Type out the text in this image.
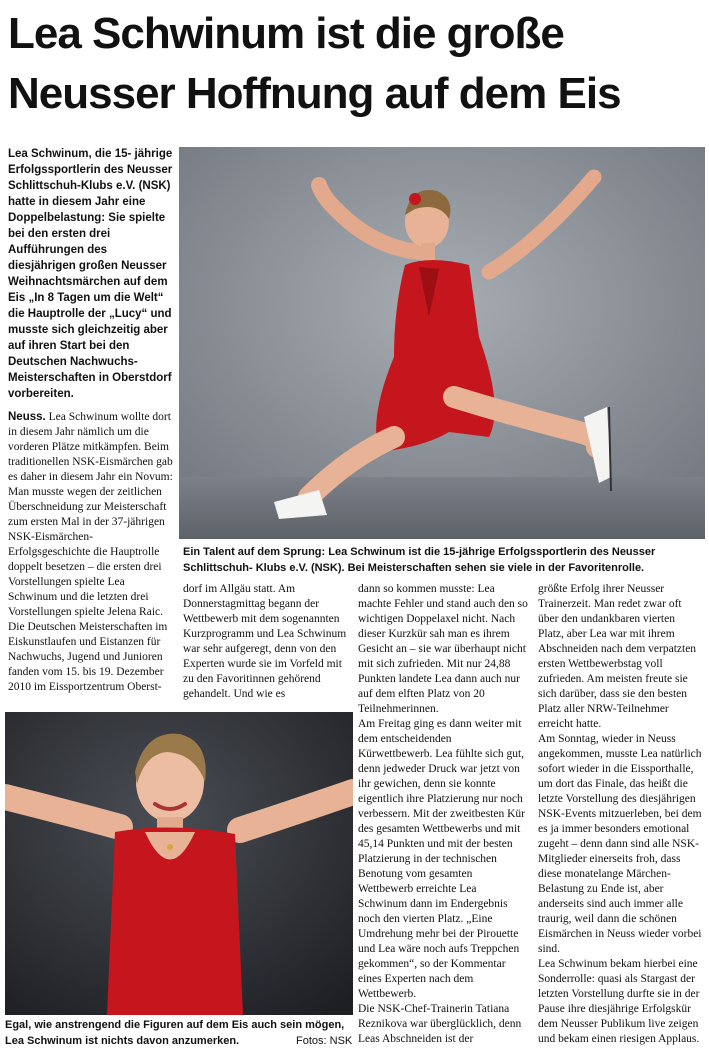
Lea Schwinum ist die große
Neusser Hoffnung auf dem Eis

Lea Schwinum, die 15- jährige Erfolgssportlerin des Neusser Schlittschuh-Klubs e.V. (NSK) hatte in diesem Jahr eine Doppelbelastung: Sie spielte bei den ersten drei Aufführungen des diesjährigen großen Neusser Weihnachtsmärchen auf dem Eis „In 8 Tagen um die Welt“ die Hauptrolle der „Lucy“ und musste sich gleichzeitig aber auf ihren Start bei den Deutschen Nachwuchs- Meisterschaften in Oberstdorf vorbereiten.

Ein Talent auf dem Sprung: Lea Schwinum ist die 15-jährige Erfolgssportlerin des Neusser Schlittschuh- Klubs e.V. (NSK). Bei Meisterschaften sehen sie viele in der Favoritenrolle.

Neuss. Lea Schwinum wollte dort in diesem Jahr nämlich um die vorderen Plätze mitkämpfen. Beim traditionellen NSK-Eismärchen gab es daher in diesem Jahr ein Novum: Man musste wegen der zeitlichen Überschneidung zur Meisterschaft zum ersten Mal in der 37-jährigen NSK-Eismärchen- Erfolgsgeschichte die Hauptrolle doppelt besetzen – die ersten drei Vorstellungen spielte Lea Schwinum und die letzten drei Vorstellungen spielte Jelena Raic. Die Deutschen Meisterschaften im Eiskunstlaufen und Eistanzen für Nachwuchs, Jugend und Junioren fanden vom 15. bis 19. Dezember 2010 im Eissportzentrum Oberst-

dorf im Allgäu statt. Am Donnerstagmittag begann der Wettbewerb mit dem sogenannten Kurzprogramm und Lea Schwinum war sehr aufgeregt, denn von den Experten wurde sie im Vorfeld mit zu den Favoritinnen gehörend gehandelt. Und wie es

dann so kommen musste: Lea machte Fehler und stand auch den so wichtigen Doppelaxel nicht. Nach dieser Kurzkür sah man es ihrem Gesicht an – sie war überhaupt nicht mit sich zufrieden. Mit nur 24,88 Punkten landete Lea dann auch nur auf dem elften Platz von 20 Teilnehmerinnen.

Am Freitag ging es dann weiter mit dem entscheidenden Kürwettbewerb. Lea fühlte sich gut, denn jedweder Druck war jetzt von ihr gewichen, denn sie konnte eigentlich ihre Platzierung nur noch verbessern. Mit der zweitbesten Kür des gesamten Wettbewerbs und mit 45,14 Punkten und mit der besten Platzierung in der technischen Benotung vom gesamten Wettbewerb erreichte Lea Schwinum dann im Endergebnis noch den vierten Platz. „Eine Umdrehung mehr bei der Pirouette und Lea wäre noch aufs Treppchen gekommen“, so der Kommentar eines Experten nach dem Wettbewerb.

Die NSK-Chef-Trainerin Tatiana Reznikova war überglücklich, denn Leas Abschneiden ist der

größte Erfolg ihrer Neusser Trainerzeit. Man redet zwar oft über den undankbaren vierten Platz, aber Lea war mit ihrem Abschneiden nach dem verpatzten ersten Wettbewerbstag voll zufrieden. Am meisten freute sie sich darüber, dass sie den besten Platz aller NRW-Teilnehmer erreicht hatte.

Am Sonntag, wieder in Neuss angekommen, musste Lea natürlich sofort wieder in die Eissporthalle, um dort das Finale, das heißt die letzte Vorstellung des diesjährigen NSK-Events mitzuerleben, bei dem es ja immer besonders emotional zugeht – denn dann sind alle NSK-Mitglieder einerseits froh, dass diese monatelange Märchen-Belastung zu Ende ist, aber anderseits sind auch immer alle traurig, weil dann die schönen Eismärchen in Neuss wieder vorbei sind.

Lea Schwinum bekam hierbei eine Sonderrolle: quasi als Stargast der letzten Vorstellung durfte sie in der Pause ihre diesjährige Erfolgskür dem Neusser Publikum live zeigen und bekam einen riesigen Applaus.

Egal, wie anstrengend die Figuren auf dem Eis auch sein mögen, Lea Schwinum ist nichts davon anzumerken.	Fotos: NSK
